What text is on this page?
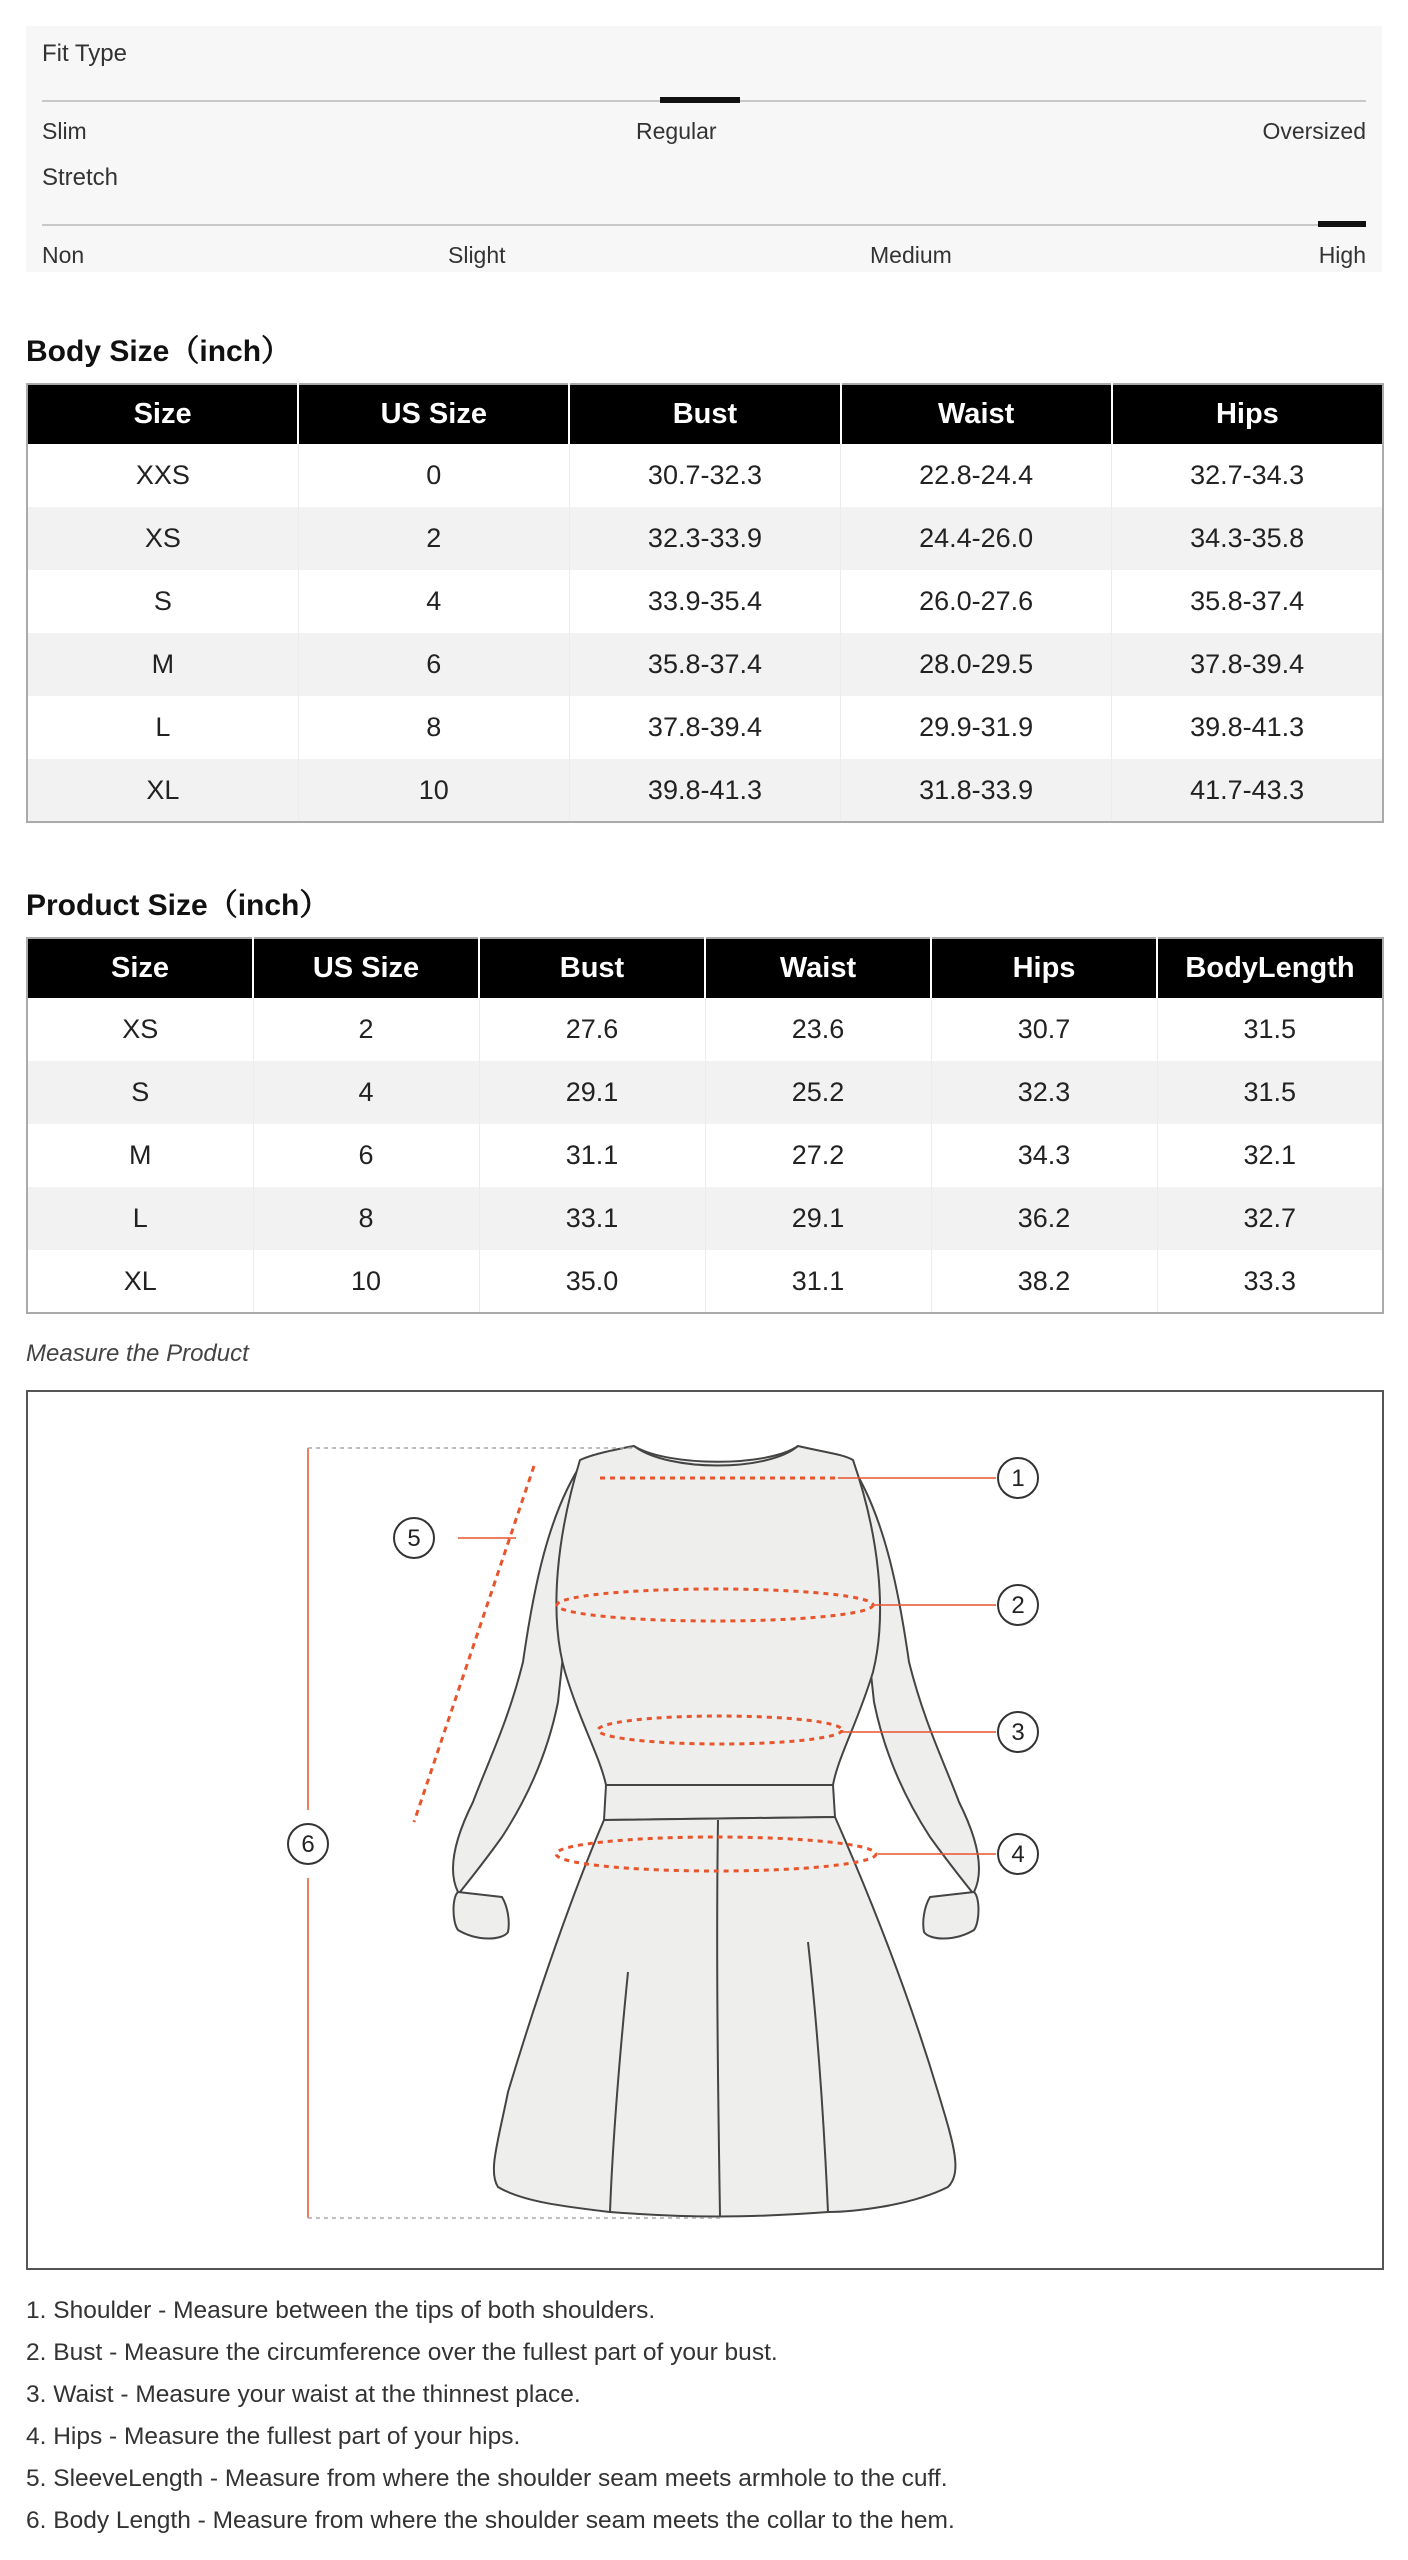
Fit Type
Slim	Regular	Oversized
Stretch
Non	Slight	Medium	High
Body Size（inch）
Size	US Size	Bust	Waist	Hips
XXS	0	30.7-32.3	22.8-24.4	32.7-34.3
XS	2	32.3-33.9	24.4-26.0	34.3-35.8
S	4	33.9-35.4	26.0-27.6	35.8-37.4
M	6	35.8-37.4	28.0-29.5	37.8-39.4
L	8	37.8-39.4	29.9-31.9	39.8-41.3
XL	10	39.8-41.3	31.8-33.9	41.7-43.3
Product Size（inch）
Size	US Size	Bust	Waist	Hips	BodyLength
XS	2	27.6	23.6	30.7	31.5
S	4	29.1	25.2	32.3	31.5
M	6	31.1	27.2	34.3	32.1
L	8	33.1	29.1	36.2	32.7
XL	10	35.0	31.1	38.2	33.3
Measure the Product
1
2
3
4
5
6
1. Shoulder - Measure between the tips of both shoulders.
2. Bust - Measure the circumference over the fullest part of your bust.
3. Waist - Measure your waist at the thinnest place.
4. Hips - Measure the fullest part of your hips.
5. SleeveLength - Measure from where the shoulder seam meets armhole to the cuff.
6. Body Length - Measure from where the shoulder seam meets the collar to the hem.
